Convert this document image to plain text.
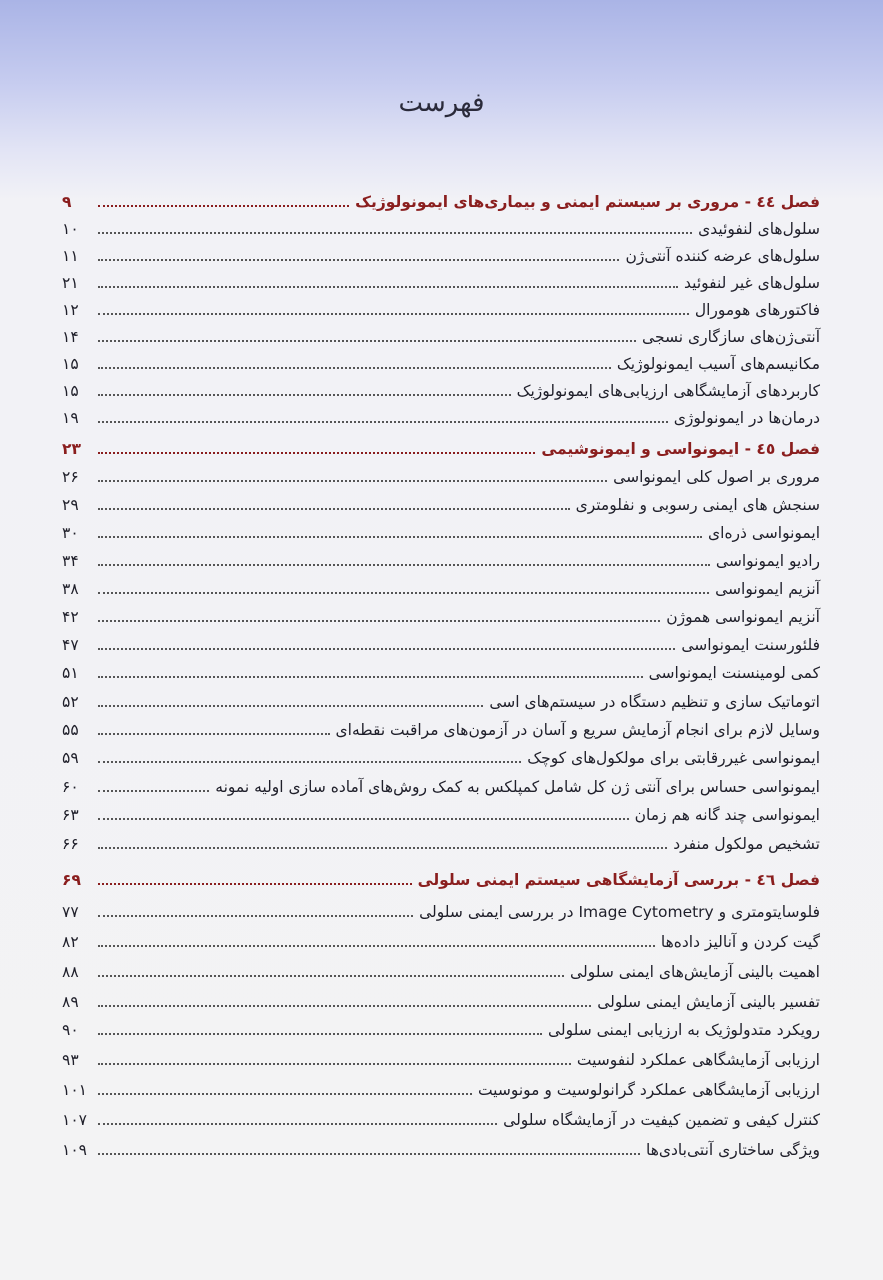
فهرست
فصل ٤٤ - مروری بر سیستم ایمنی و بیماری‌های ایمونولوژیک
۹
سلول‌های لنفوئیدی
۱۰
سلول‌های عرضه کننده آنتی‌ژن
۱۱
سلول‌های غیر لنفوئید
۲۱
فاکتورهای هومورال
۱۲
آنتی‌ژن‌های سازگاری نسجی
۱۴
مکانیسم‌های آسیب ایمونولوژیک
۱۵
کاربردهای آزمایشگاهی ارزیابی‌های ایمونولوژیک
۱۵
درمان‌ها در ایمونولوژی
۱۹
فصل ٤٥ - ایمونواسی و ایمونوشیمی
۲۳
مروری بر اصول کلی ایمونواسی
۲۶
سنجش های ایمنی رسوبی و نفلومتری
۲۹
ایمونواسی ذره‌ای
۳۰
رادیو ایمونواسی
۳۴
آنزیم ایمونواسی
۳۸
آنزیم ایمونواسی هموژن
۴۲
فلئورسنت ایمونواسی
۴۷
کمی لومینسنت ایمونواسی
۵۱
اتوماتیک سازی و تنظیم دستگاه در سیستم‌های اسی
۵۲
وسایل لازم برای انجام آزمایش سریع و آسان در آزمون‌های مراقبت نقطه‌ای
۵۵
ایمونواسی غیررقابتی برای مولکول‌های کوچک
۵۹
ایمونواسی حساس برای آنتی ژن کل شامل کمپلکس به کمک روش‌های آماده سازی اولیه نمونه
۶۰
ایمونواسی چند گانه هم زمان
۶۳
تشخیص مولکول منفرد
۶۶
فصل ٤٦ - بررسی آزمایشگاهی سیستم ایمنی سلولی
۶۹
فلوسایتومتری و Image Cytometry در بررسی ایمنی سلولی
۷۷
گیت کردن و آنالیز داده‌ها
۸۲
اهمیت بالینی آزمایش‌های ایمنی سلولی
۸۸
تفسیر بالینی آزمایش ایمنی سلولی
۸۹
رویکرد متدولوژیک به ارزیابی ایمنی سلولی
۹۰
ارزیابی آزمایشگاهی عملکرد لنفوسیت
۹۳
ارزیابی آزمایشگاهی عملکرد گرانولوسیت و مونوسیت
۱۰۱
کنترل کیفی و تضمین کیفیت در آزمایشگاه سلولی
۱۰۷
ویژگی ساختاری آنتی‌بادی‌ها
۱۰۹
